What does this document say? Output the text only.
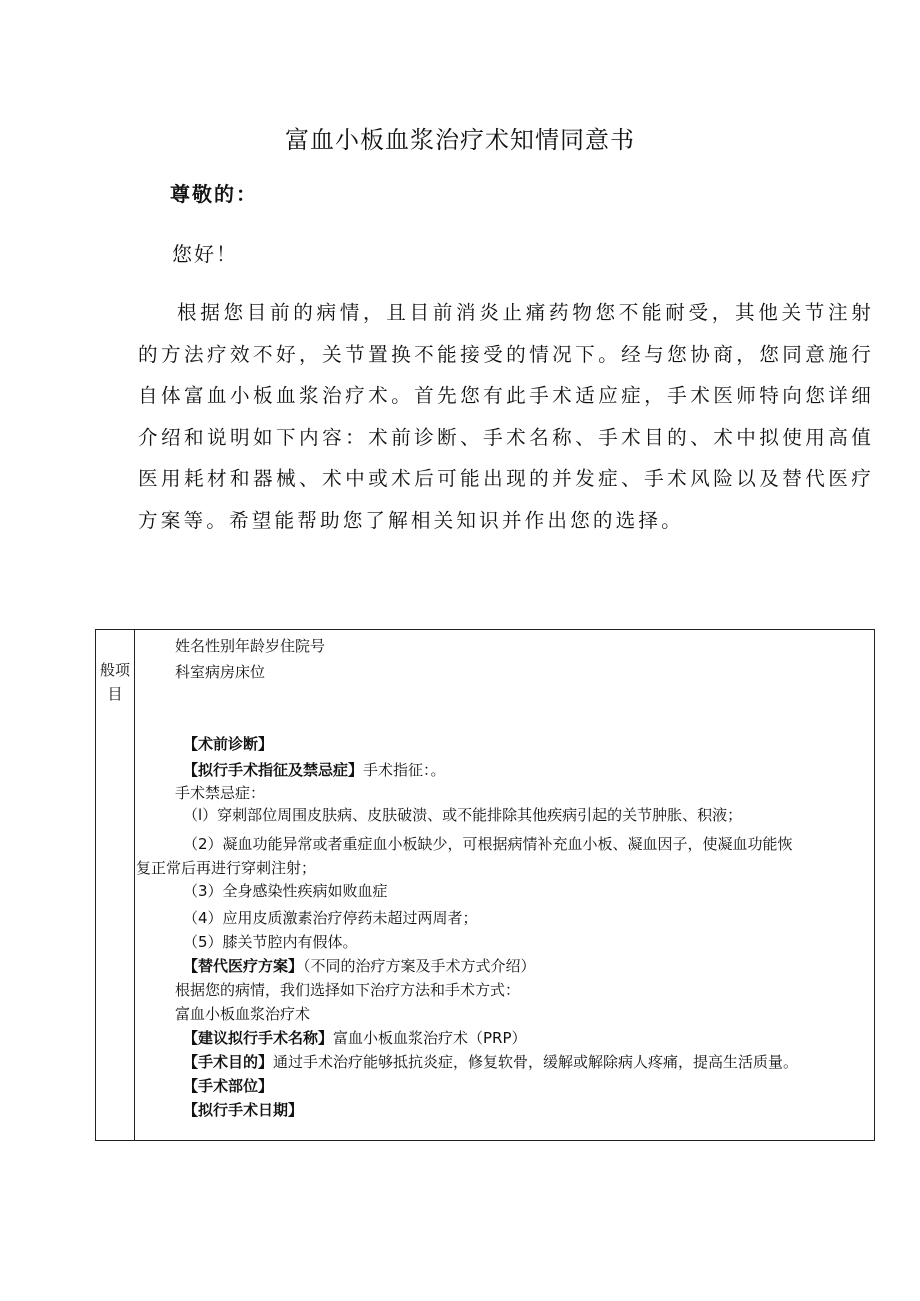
富血小板血浆治疗术知情同意书
尊敬的：
您好！

根据您目前的病情，且目前消炎止痛药物您不能耐受，其他关节注射的方法疗效不好，关节置换不能接受的情况下。经与您协商，您同意施行自体富血小板血浆治疗术。首先您有此手术适应症，手术医师特向您详细介绍和说明如下内容：术前诊断、手术名称、手术目的、术中拟使用高值医用耗材和器械、术中或术后可能出现的并发症、手术风险以及替代医疗方案等。希望能帮助您了解相关知识并作出您的选择。

般项
目
姓名性别年龄岁住院号
科室病房床位
【术前诊断】
【拟行手术指征及禁忌症】手术指征：。
手术禁忌症：
（l）穿刺部位周围皮肤病、皮肤破溃、或不能排除其他疾病引起的关节肿胀、积液；
（2）凝血功能异常或者重症血小板缺少，可根据病情补充血小板、凝血因子，使凝血功能恢
复正常后再进行穿刺注射；
（3）全身感染性疾病如败血症
（4）应用皮质激素治疗停药未超过两周者；
（5）膝关节腔内有假体。
【替代医疗方案】（不同的治疗方案及手术方式介绍）
根据您的病情，我们选择如下治疗方法和手术方式：
富血小板血浆治疗术
【建议拟行手术名称】富血小板血浆治疗术（PRP）
【手术目的】通过手术治疗能够抵抗炎症，修复软骨，缓解或解除病人疼痛，提高生活质量。
【手术部位】
【拟行手术日期】
